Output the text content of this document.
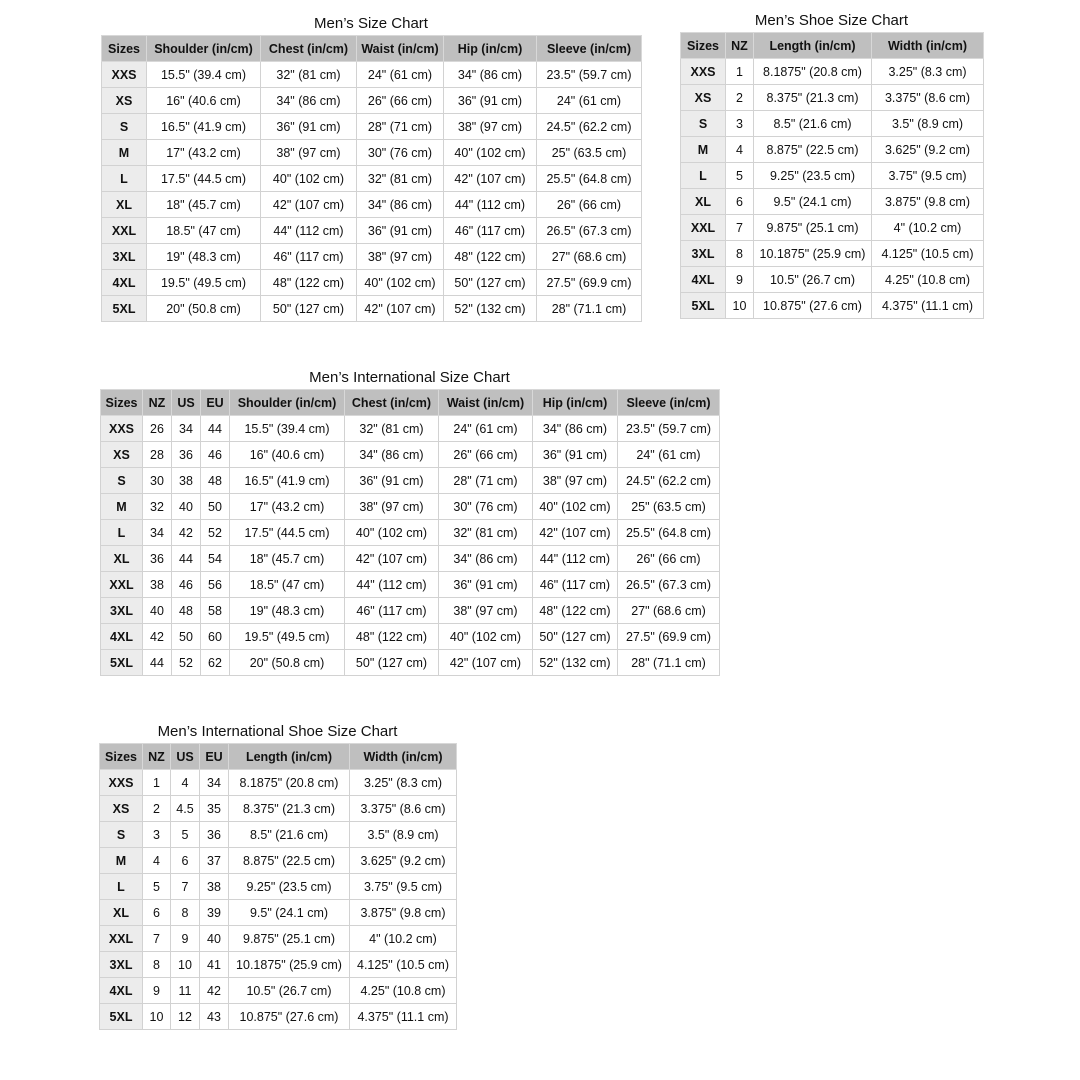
Men’s Size Chart
Sizes	Shoulder (in/cm)	Chest (in/cm)	Waist (in/cm)	Hip (in/cm)	Sleeve (in/cm)
XXS	15.5" (39.4 cm)	32" (81 cm)	24" (61 cm)	34" (86 cm)	23.5" (59.7 cm)
XS	16" (40.6 cm)	34" (86 cm)	26" (66 cm)	36" (91 cm)	24" (61 cm)
S	16.5" (41.9 cm)	36" (91 cm)	28" (71 cm)	38" (97 cm)	24.5" (62.2 cm)
M	17" (43.2 cm)	38" (97 cm)	30" (76 cm)	40" (102 cm)	25" (63.5 cm)
L	17.5" (44.5 cm)	40" (102 cm)	32" (81 cm)	42" (107 cm)	25.5" (64.8 cm)
XL	18" (45.7 cm)	42" (107 cm)	34" (86 cm)	44" (112 cm)	26" (66 cm)
XXL	18.5" (47 cm)	44" (112 cm)	36" (91 cm)	46" (117 cm)	26.5" (67.3 cm)
3XL	19" (48.3 cm)	46" (117 cm)	38" (97 cm)	48" (122 cm)	27" (68.6 cm)
4XL	19.5" (49.5 cm)	48" (122 cm)	40" (102 cm)	50" (127 cm)	27.5" (69.9 cm)
5XL	20" (50.8 cm)	50" (127 cm)	42" (107 cm)	52" (132 cm)	28" (71.1 cm)
Men’s Shoe Size Chart
Sizes	NZ	Length (in/cm)	Width (in/cm)
XXS	1	8.1875" (20.8 cm)	3.25" (8.3 cm)
XS	2	8.375" (21.3 cm)	3.375" (8.6 cm)
S	3	8.5" (21.6 cm)	3.5" (8.9 cm)
M	4	8.875" (22.5 cm)	3.625" (9.2 cm)
L	5	9.25" (23.5 cm)	3.75" (9.5 cm)
XL	6	9.5" (24.1 cm)	3.875" (9.8 cm)
XXL	7	9.875" (25.1 cm)	4" (10.2 cm)
3XL	8	10.1875" (25.9 cm)	4.125" (10.5 cm)
4XL	9	10.5" (26.7 cm)	4.25" (10.8 cm)
5XL	10	10.875" (27.6 cm)	4.375" (11.1 cm)
Men’s International Size Chart
Sizes	NZ	US	EU	Shoulder (in/cm)	Chest (in/cm)	Waist (in/cm)	Hip (in/cm)	Sleeve (in/cm)
XXS	26	34	44	15.5" (39.4 cm)	32" (81 cm)	24" (61 cm)	34" (86 cm)	23.5" (59.7 cm)
XS	28	36	46	16" (40.6 cm)	34" (86 cm)	26" (66 cm)	36" (91 cm)	24" (61 cm)
S	30	38	48	16.5" (41.9 cm)	36" (91 cm)	28" (71 cm)	38" (97 cm)	24.5" (62.2 cm)
M	32	40	50	17" (43.2 cm)	38" (97 cm)	30" (76 cm)	40" (102 cm)	25" (63.5 cm)
L	34	42	52	17.5" (44.5 cm)	40" (102 cm)	32" (81 cm)	42" (107 cm)	25.5" (64.8 cm)
XL	36	44	54	18" (45.7 cm)	42" (107 cm)	34" (86 cm)	44" (112 cm)	26" (66 cm)
XXL	38	46	56	18.5" (47 cm)	44" (112 cm)	36" (91 cm)	46" (117 cm)	26.5" (67.3 cm)
3XL	40	48	58	19" (48.3 cm)	46" (117 cm)	38" (97 cm)	48" (122 cm)	27" (68.6 cm)
4XL	42	50	60	19.5" (49.5 cm)	48" (122 cm)	40" (102 cm)	50" (127 cm)	27.5" (69.9 cm)
5XL	44	52	62	20" (50.8 cm)	50" (127 cm)	42" (107 cm)	52" (132 cm)	28" (71.1 cm)
Men’s International Shoe Size Chart
Sizes	NZ	US	EU	Length (in/cm)	Width (in/cm)
XXS	1	4	34	8.1875" (20.8 cm)	3.25" (8.3 cm)
XS	2	4.5	35	8.375" (21.3 cm)	3.375" (8.6 cm)
S	3	5	36	8.5" (21.6 cm)	3.5" (8.9 cm)
M	4	6	37	8.875" (22.5 cm)	3.625" (9.2 cm)
L	5	7	38	9.25" (23.5 cm)	3.75" (9.5 cm)
XL	6	8	39	9.5" (24.1 cm)	3.875" (9.8 cm)
XXL	7	9	40	9.875" (25.1 cm)	4" (10.2 cm)
3XL	8	10	41	10.1875" (25.9 cm)	4.125" (10.5 cm)
4XL	9	11	42	10.5" (26.7 cm)	4.25" (10.8 cm)
5XL	10	12	43	10.875" (27.6 cm)	4.375" (11.1 cm)
